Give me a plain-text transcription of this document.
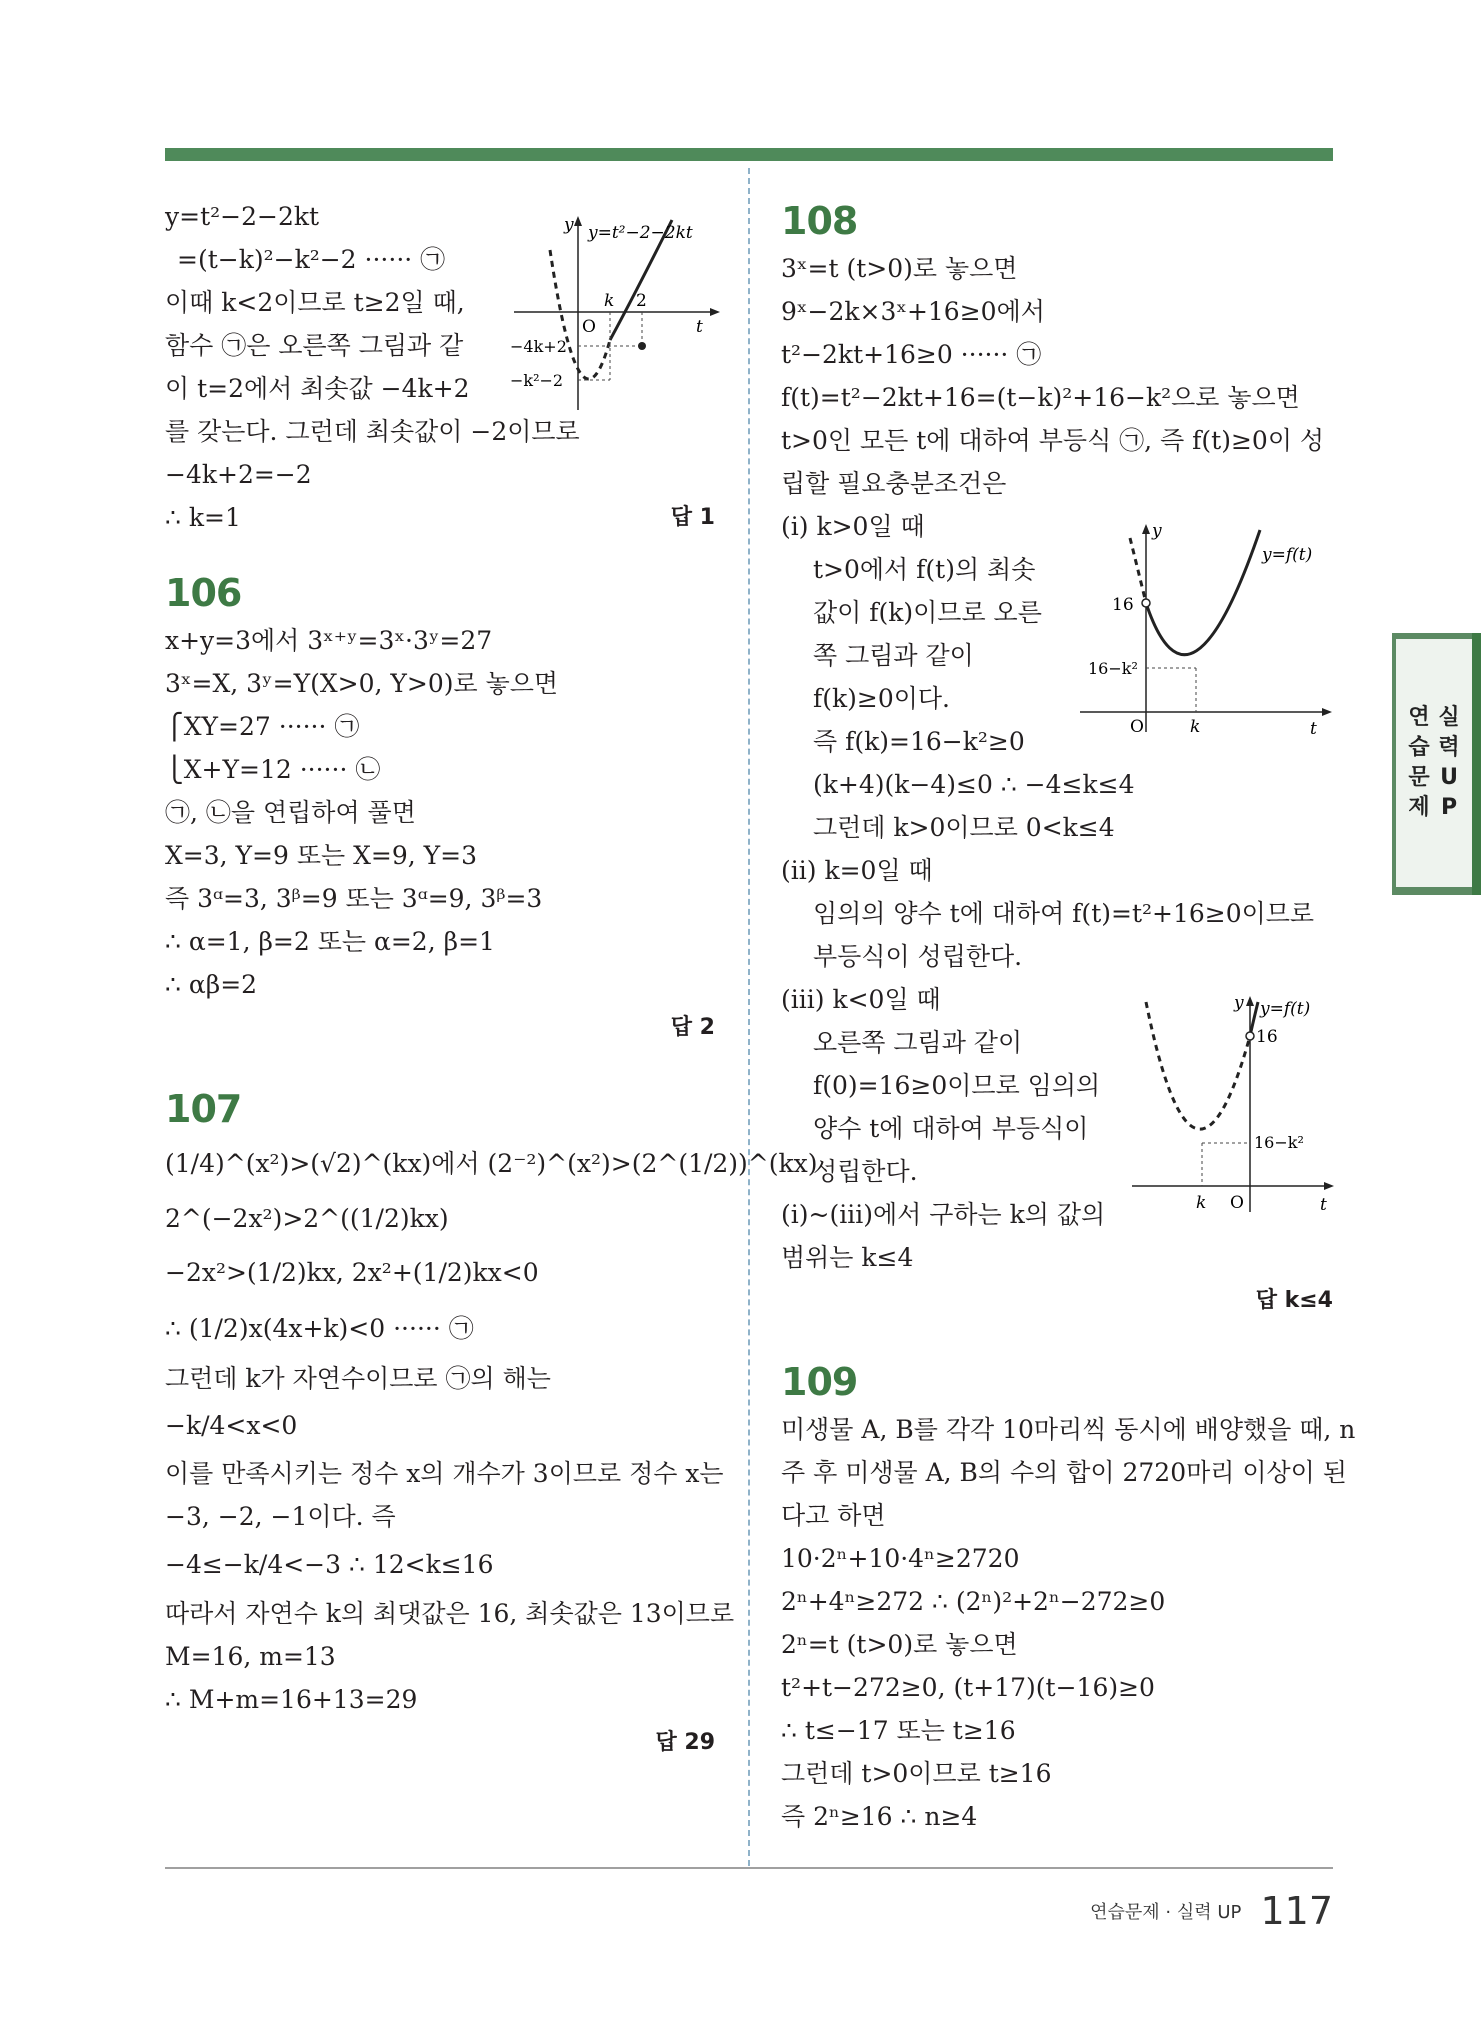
y=t²−2−2kt
=(t−k)²−k²−2 ······ ㉠
이때 k<2이므로 t≥2일 때,
함수 ㉠은 오른쪽 그림과 같
이 t=2에서 최솟값 −4k+2
를 갖는다. 그런데 최솟값이 −2이므로
−4k+2=−2
∴ k=1	답 1
106
x+y=3에서 3ˣ⁺ʸ=3ˣ·3ʸ=27
3ˣ=X, 3ʸ=Y(X>0, Y>0)로 놓으면
⎧XY=27 ······ ㉠
⎩X+Y=12 ······ ㉡
㉠, ㉡을 연립하여 풀면
X=3, Y=9 또는 X=9, Y=3
즉 3ᵅ=3, 3ᵝ=9 또는 3ᵅ=9, 3ᵝ=3
∴ α=1, β=2 또는 α=2, β=1
∴ αβ=2
답 2
107
(1/4)^(x²)>(√2)^(kx)에서 (2⁻²)^(x²)>(2^(1/2))^(kx)
2^(−2x²)>2^((1/2)kx)
−2x²>(1/2)kx, 2x²+(1/2)kx<0
∴ (1/2)x(4x+k)<0 ······ ㉠
그런데 k가 자연수이므로 ㉠의 해는
−k/4<x<0
이를 만족시키는 정수 x의 개수가 3이므로 정수 x는
−3, −2, −1이다. 즉
−4≤−k/4<−3 ∴ 12<k≤16
따라서 자연수 k의 최댓값은 16, 최솟값은 13이므로
M=16, m=13
∴ M+m=16+13=29
답 29
y y=t²−2−2kt
t
O
k 2
−4k+2
−k²−2
108
3ˣ=t (t>0)로 놓으면
9ˣ−2k×3ˣ+16≥0에서
t²−2kt+16≥0 ······ ㉠
f(t)=t²−2kt+16=(t−k)²+16−k²으로 놓으면
t>0인 모든 t에 대하여 부등식 ㉠, 즉 f(t)≥0이 성
립할 필요충분조건은
(i) k>0일 때
t>0에서 f(t)의 최솟
값이 f(k)이므로 오른
쪽 그림과 같이
f(k)≥0이다.
즉 f(k)=16−k²≥0
(k+4)(k−4)≤0 ∴ −4≤k≤4
그런데 k>0이므로 0<k≤4
(ii) k=0일 때
임의의 양수 t에 대하여 f(t)=t²+16≥0이므로
부등식이 성립한다.
(iii) k<0일 때
오른쪽 그림과 같이
f(0)=16≥0이므로 임의의
양수 t에 대하여 부등식이
성립한다.
(i)~(iii)에서 구하는 k의 값의
범위는 k≤4
답 k≤4
109
미생물 A, B를 각각 10마리씩 동시에 배양했을 때, n
주 후 미생물 A, B의 수의 합이 2720마리 이상이 된
다고 하면
10·2ⁿ+10·4ⁿ≥2720
2ⁿ+4ⁿ≥272 ∴ (2ⁿ)²+2ⁿ−272≥0
2ⁿ=t (t>0)로 놓으면
t²+t−272≥0, (t+17)(t−16)≥0
∴ t≤−17 또는 t≥16
그런데 t>0이므로 t≥16
즉 2ⁿ≥16 ∴ n≥4
y
y=f(t)
16
16−k²
O	k	t
y y=f(t)
16
16−k²
k O	t
연
습
문
제
실
력
U
P
연습문제 · 실력 UP 117
